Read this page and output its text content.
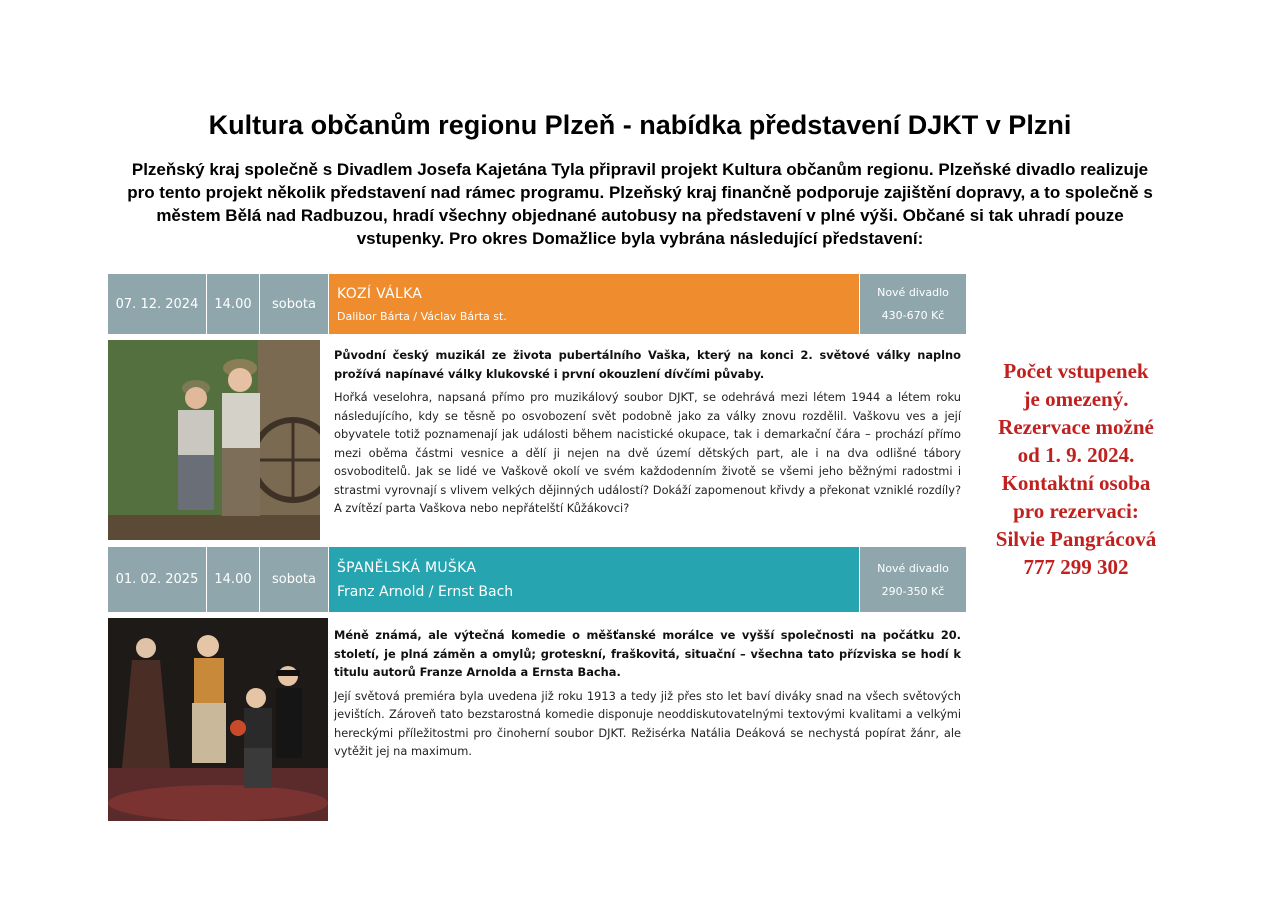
Kultura občanům regionu Plzeň - nabídka představení DJKT v Plzni

Plzeňský kraj společně s Divadlem Josefa Kajetána Tyla připravil projekt Kultura občanům regionu. Plzeňské divadlo realizuje pro tento projekt několik představení nad rámec programu. Plzeňský kraj finančně podporuje zajištění dopravy, a to společně s městem Bělá nad Radbuzou, hradí všechny objednané autobusy na představení v plné výši. Občané si tak uhradí pouze vstupenky. Pro okres Domažlice byla vybrána následující představení:

07. 12. 2024	14.00	sobota
KOZÍ VÁLKA
Dalibor Bárta / Václav Bárta st.
Nové divadlo
430-670 Kč

Původní český muzikál ze života pubertálního Vaška, který na konci 2. světové války naplno prožívá napínavé války klukovské i první okouzlení dívčími půvaby.

Hořká veselohra, napsaná přímo pro muzikálový soubor DJKT, se odehrává mezi létem 1944 a létem roku následujícího, kdy se těsně po osvobození svět podobně jako za války znovu rozdělil. Vaškovu ves a její obyvatele totiž poznamenají jak události během nacistické okupace, tak i demarkační čára – prochází přímo mezi oběma částmi vesnice a dělí ji nejen na dvě území dětských part, ale i na dva odlišné tábory osvoboditelů. Jak se lidé ve Vaškově okolí ve svém každodenním životě se všemi jeho běžnými radostmi i strastmi vyrovnají s vlivem velkých dějinných událostí? Dokáží zapomenout křivdy a překonat vzniklé rozdíly? A zvítězí parta Vaškova nebo nepřátelští Kůžákovci?

01. 02. 2025	14.00	sobota
ŠPANĚLSKÁ MUŠKA
Franz Arnold / Ernst Bach
Nové divadlo
290-350 Kč

Méně známá, ale výtečná komedie o měšťanské morálce ve vyšší společnosti na počátku 20. století, je plná záměn a omylů; groteskní, fraškovitá, situační – všechna tato přízviska se hodí k titulu autorů Franze Arnolda a Ernsta Bacha.

Její světová premiéra byla uvedena již roku 1913 a tedy již přes sto let baví diváky snad na všech světových jevištích. Zároveň tato bezstarostná komedie disponuje neoddiskutovatelnými textovými kvalitami a velkými hereckými příležitostmi pro činoherní soubor DJKT. Režisérka Natália Deáková se nechystá popírat žánr, ale vytěžit jej na maximum.

Počet vstupenek
je omezený.
Rezervace možné
od 1. 9. 2024.
Kontaktní osoba
pro rezervaci:
Silvie Pangrácová
777 299 302
